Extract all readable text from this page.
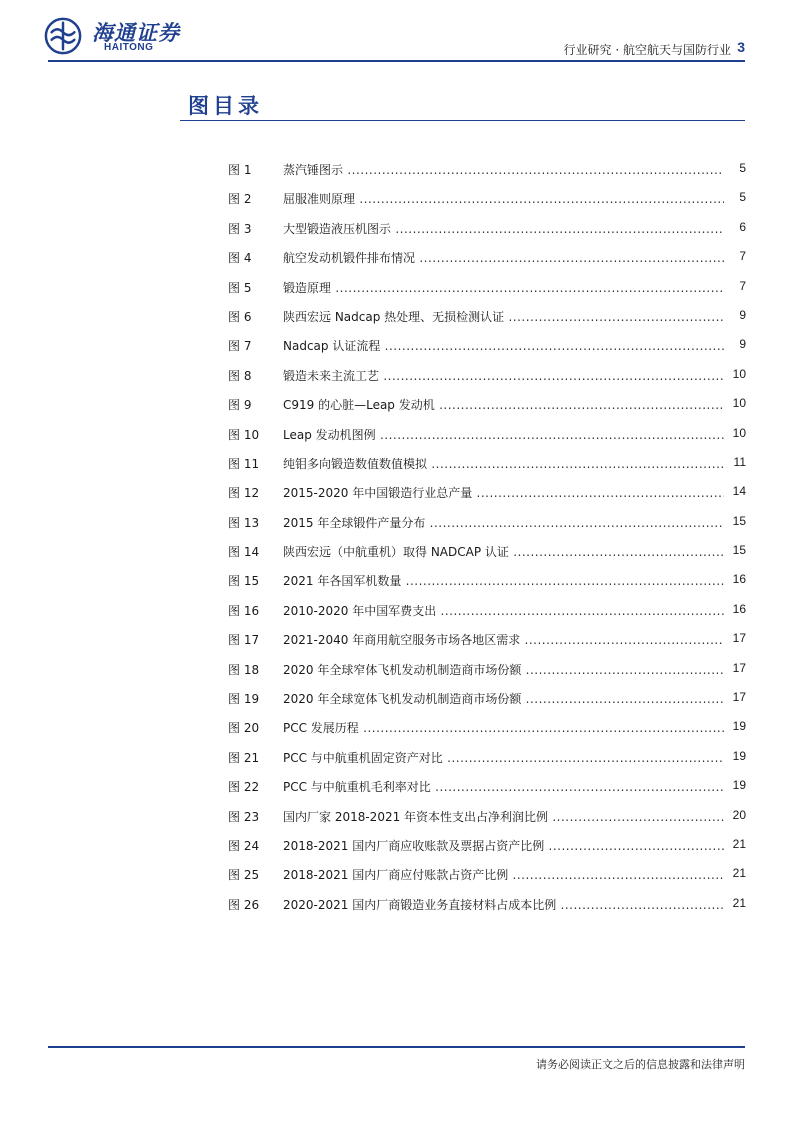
海通证券
HAITONG	行业研究 · 航空航天与国防行业 3
图目录
图 1	蒸汽锤图示 .....	5
图 2	屈服准则原理 .....	5
图 3	大型锻造液压机图示 .....	6
图 4	航空发动机锻件排布情况 .....	7
图 5	锻造原理 .....	7
图 6	陕西宏远 Nadcap 热处理、无损检测认证 .....	9
图 7	Nadcap 认证流程 .....	9
图 8	锻造未来主流工艺 .....	10
图 9	C919 的心脏—Leap 发动机 .....	10
图 10	Leap 发动机图例 .....	10
图 11	纯钼多向锻造数值数值模拟 .....	11
图 12	2015-2020 年中国锻造行业总产量 .....	14
图 13	2015 年全球锻件产量分布 .....	15
图 14	陕西宏远（中航重机）取得 NADCAP 认证 .....	15
图 15	2021 年各国军机数量 .....	16
图 16	2010-2020 年中国军费支出 .....	16
图 17	2021-2040 年商用航空服务市场各地区需求 .....	17
图 18	2020 年全球窄体飞机发动机制造商市场份额 .....	17
图 19	2020 年全球宽体飞机发动机制造商市场份额 .....	17
图 20	PCC 发展历程 .....	19
图 21	PCC 与中航重机固定资产对比 .....	19
图 22	PCC 与中航重机毛利率对比 .....	19
图 23	国内厂家 2018-2021 年资本性支出占净利润比例 .....	20
图 24	2018-2021 国内厂商应收账款及票据占资产比例 .....	21
图 25	2018-2021 国内厂商应付账款占资产比例 .....	21
图 26	2020-2021 国内厂商锻造业务直接材料占成本比例 .....	21
请务必阅读正文之后的信息披露和法律声明
